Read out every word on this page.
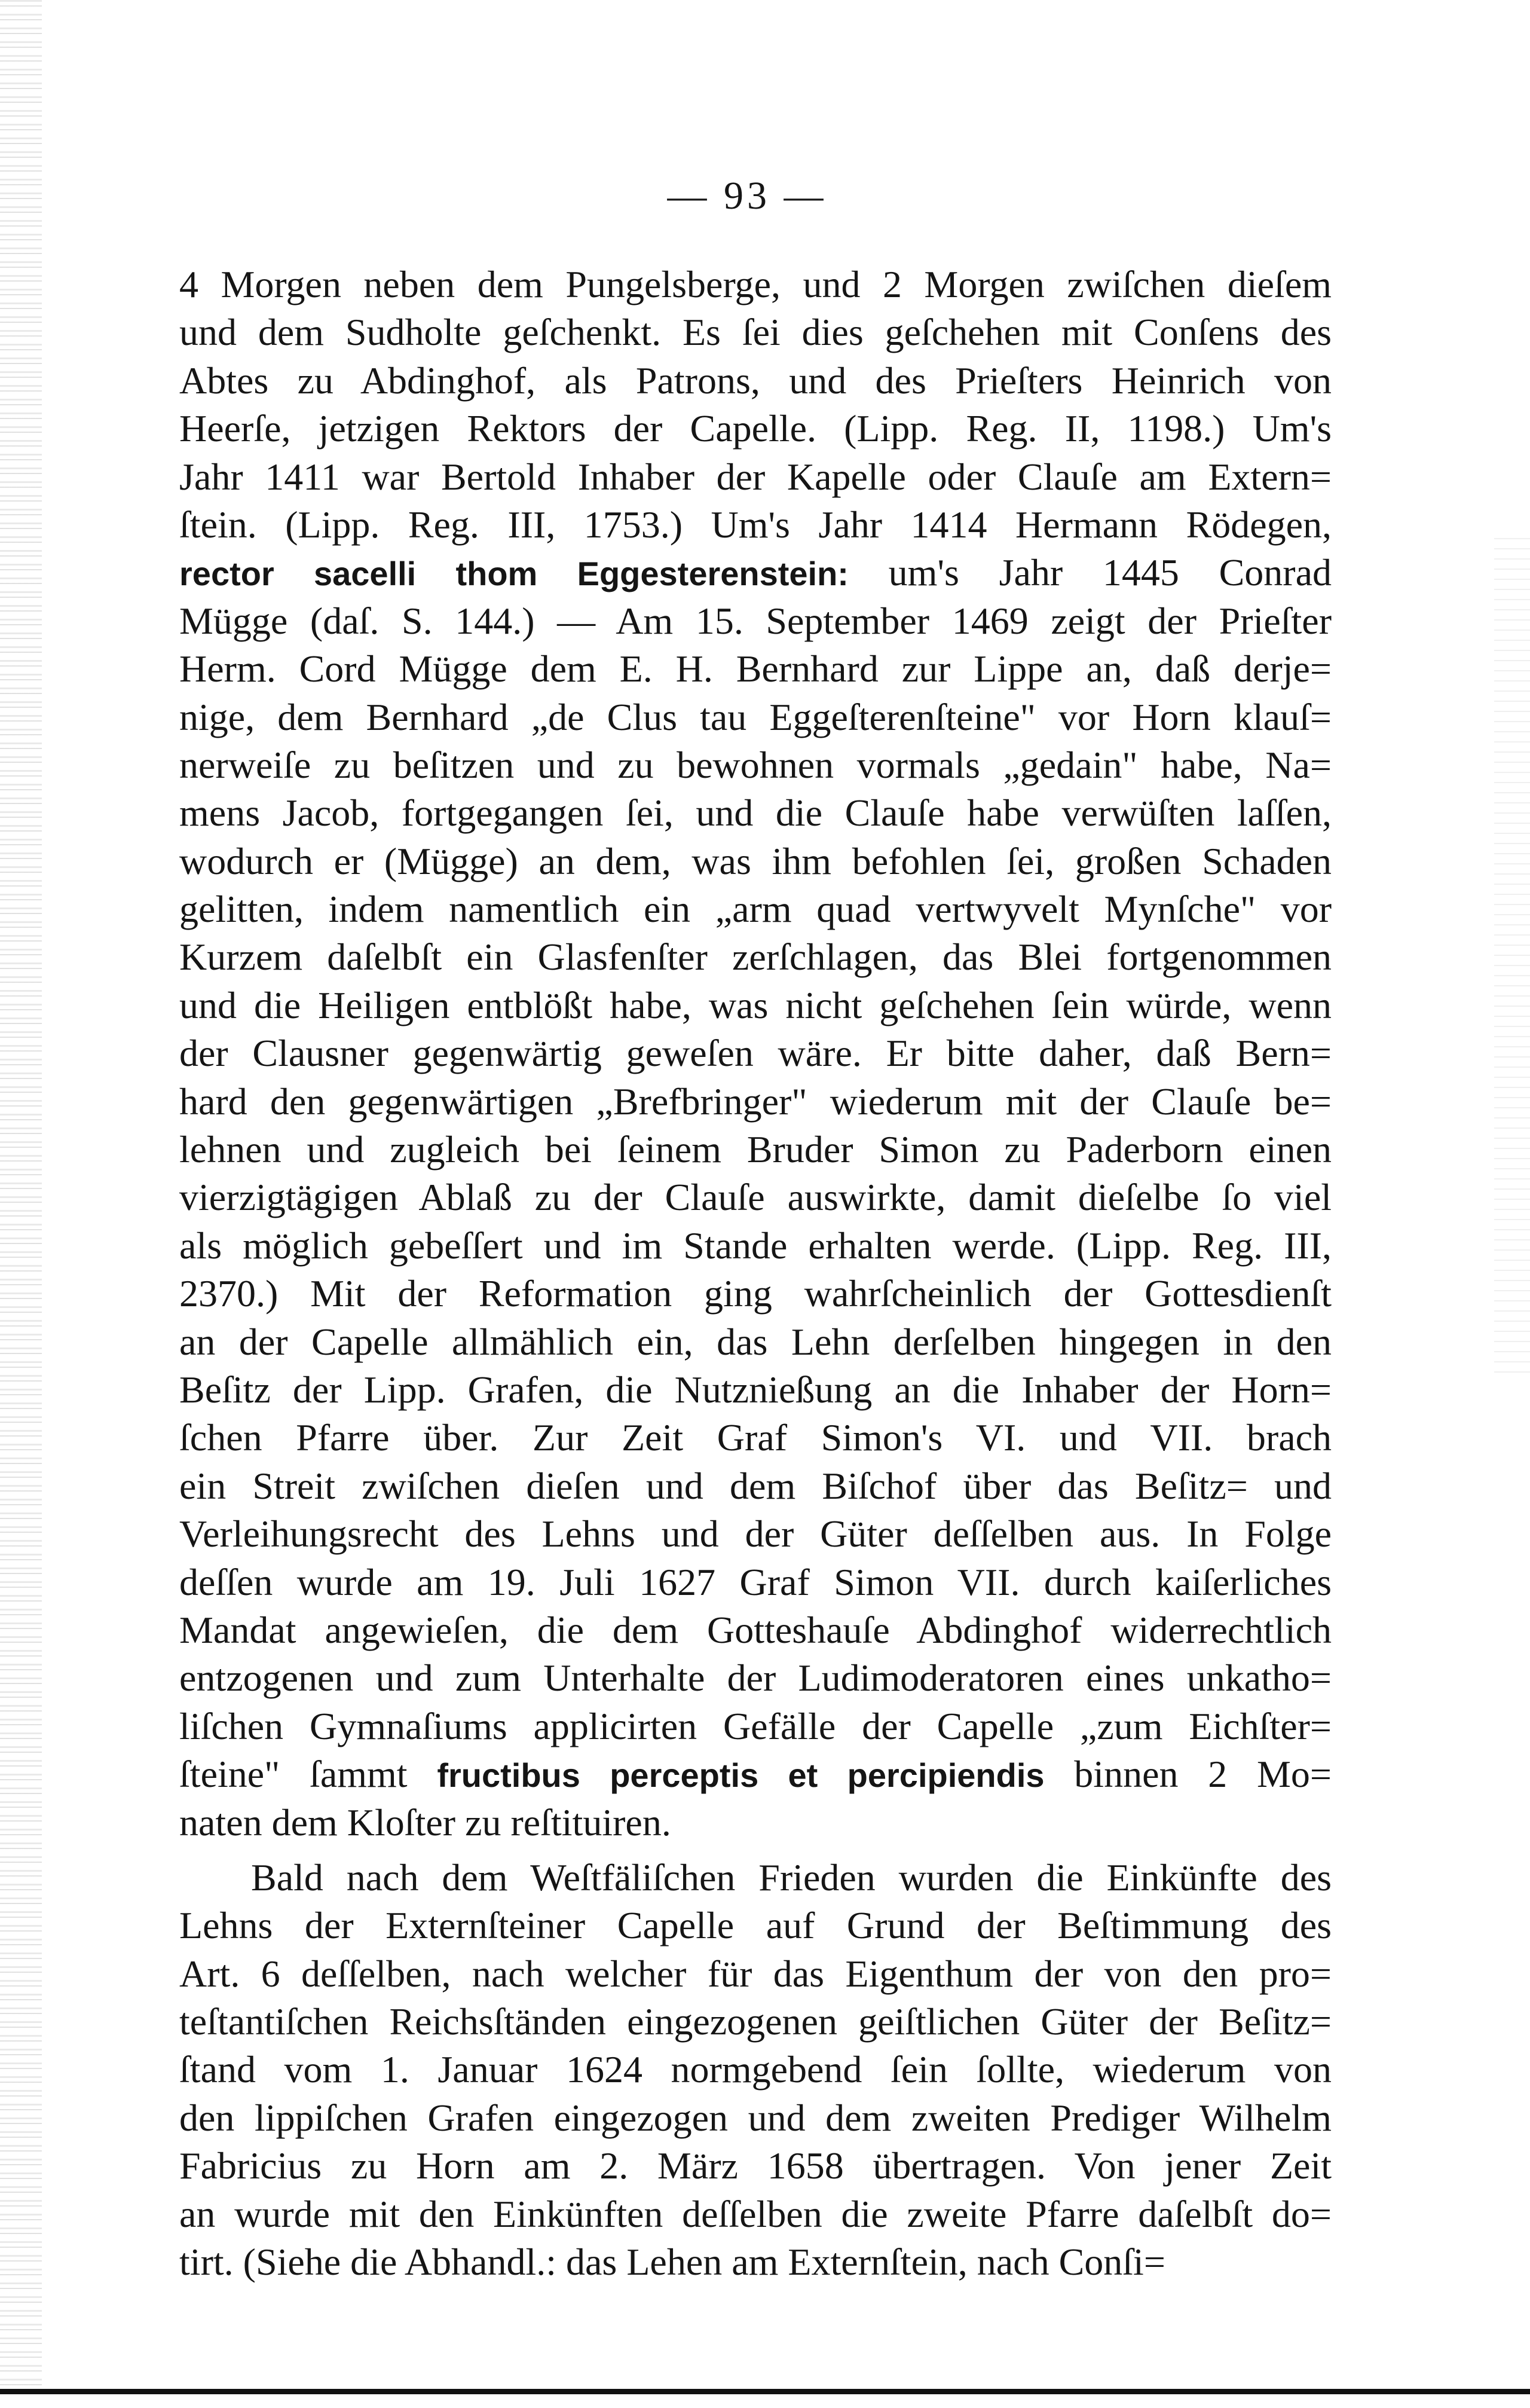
— 93 —
4 Morgen neben dem Pungelsberge, und 2 Morgen zwiſchen dieſem
und dem Sudholte geſchenkt. Es ſei dies geſchehen mit Conſens des
Abtes zu Abdinghof, als Patrons, und des Prieſters Heinrich von
Heerſe, jetzigen Rektors der Capelle. (Lipp. Reg. II, 1198.) Um's
Jahr 1411 war Bertold Inhaber der Kapelle oder Clauſe am Extern=
ſtein. (Lipp. Reg. III, 1753.) Um's Jahr 1414 Hermann Rödegen,
rector sacelli thom Eggesterenstein: um's Jahr 1445 Conrad
Mügge (daſ. S. 144.) — Am 15. September 1469 zeigt der Prieſter
Herm. Cord Mügge dem E. H. Bernhard zur Lippe an, daß derje=
nige, dem Bernhard „de Clus tau Eggeſterenſteine" vor Horn klauſ=
nerweiſe zu beſitzen und zu bewohnen vormals „gedain" habe, Na=
mens Jacob, fortgegangen ſei, und die Clauſe habe verwüſten laſſen,
wodurch er (Mügge) an dem, was ihm befohlen ſei, großen Schaden
gelitten, indem namentlich ein „arm quad vertwyvelt Mynſche" vor
Kurzem daſelbſt ein Glasfenſter zerſchlagen, das Blei fortgenommen
und die Heiligen entblößt habe, was nicht geſchehen ſein würde, wenn
der Clausner gegenwärtig geweſen wäre. Er bitte daher, daß Bern=
hard den gegenwärtigen „Brefbringer" wiederum mit der Clauſe be=
lehnen und zugleich bei ſeinem Bruder Simon zu Paderborn einen
vierzigtägigen Ablaß zu der Clauſe auswirkte, damit dieſelbe ſo viel
als möglich gebeſſert und im Stande erhalten werde. (Lipp. Reg. III,
2370.) Mit der Reformation ging wahrſcheinlich der Gottesdienſt
an der Capelle allmählich ein, das Lehn derſelben hingegen in den
Beſitz der Lipp. Grafen, die Nutznießung an die Inhaber der Horn=
ſchen Pfarre über. Zur Zeit Graf Simon's VI. und VII. brach
ein Streit zwiſchen dieſen und dem Biſchof über das Beſitz= und
Verleihungsrecht des Lehns und der Güter deſſelben aus. In Folge
deſſen wurde am 19. Juli 1627 Graf Simon VII. durch kaiſerliches
Mandat angewieſen, die dem Gotteshauſe Abdinghof widerrechtlich
entzogenen und zum Unterhalte der Ludimoderatoren eines unkatho=
liſchen Gymnaſiums applicirten Gefälle der Capelle „zum Eichſter=
ſteine" ſammt fructibus perceptis et percipiendis binnen 2 Mo=
naten dem Kloſter zu reſtituiren.
Bald nach dem Weſtfäliſchen Frieden wurden die Einkünfte des
Lehns der Externſteiner Capelle auf Grund der Beſtimmung des
Art. 6 deſſelben, nach welcher für das Eigenthum der von den pro=
teſtantiſchen Reichsſtänden eingezogenen geiſtlichen Güter der Beſitz=
ſtand vom 1. Januar 1624 normgebend ſein ſollte, wiederum von
den lippiſchen Grafen eingezogen und dem zweiten Prediger Wilhelm
Fabricius zu Horn am 2. März 1658 übertragen. Von jener Zeit
an wurde mit den Einkünften deſſelben die zweite Pfarre daſelbſt do=
tirt. (Siehe die Abhandl.: das Lehen am Externſtein, nach Conſi=
